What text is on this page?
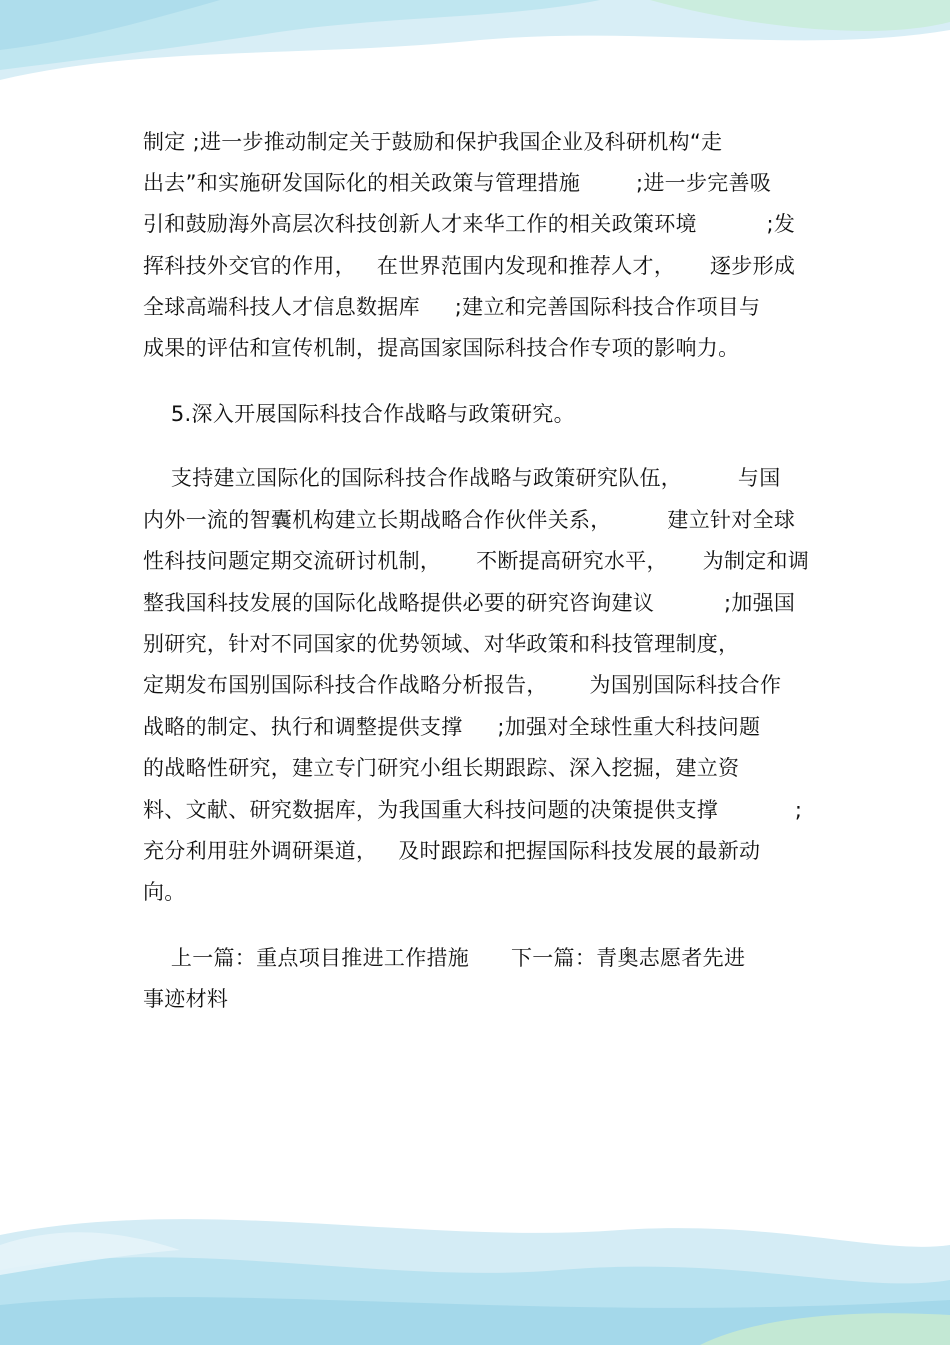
制定 ;进一步推动制定关于鼓励和保护我国企业及科研机构“走
出去”和实施研发国际化的相关政策与管理措施        ;进一步完善吸
引和鼓励海外高层次科技创新人才来华工作的相关政策环境          ;发
挥科技外交官的作用，   在世界范围内发现和推荐人才，     逐步形成
全球高端科技人才信息数据库     ;建立和完善国际科技合作项目与
成果的评估和宣传机制，提高国家国际科技合作专项的影响力。
5.深入开展国际科技合作战略与政策研究。
支持建立国际化的国际科技合作战略与政策研究队伍，        与国
内外一流的智囊机构建立长期战略合作伙伴关系，        建立针对全球
性科技问题定期交流研讨机制，     不断提高研究水平，     为制定和调
整我国科技发展的国际化战略提供必要的研究咨询建议          ;加强国
别研究，针对不同国家的优势领域、对华政策和科技管理制度，
定期发布国别国际科技合作战略分析报告，      为国别国际科技合作
战略的制定、执行和调整提供支撑     ;加强对全球性重大科技问题
的战略性研究，建立专门研究小组长期跟踪、深入挖掘，建立资
料、文献、研究数据库，为我国重大科技问题的决策提供支撑           ;
充分利用驻外调研渠道，   及时跟踪和把握国际科技发展的最新动
向。
上一篇：重点项目推进工作措施      下一篇：青奥志愿者先进
事迹材料
